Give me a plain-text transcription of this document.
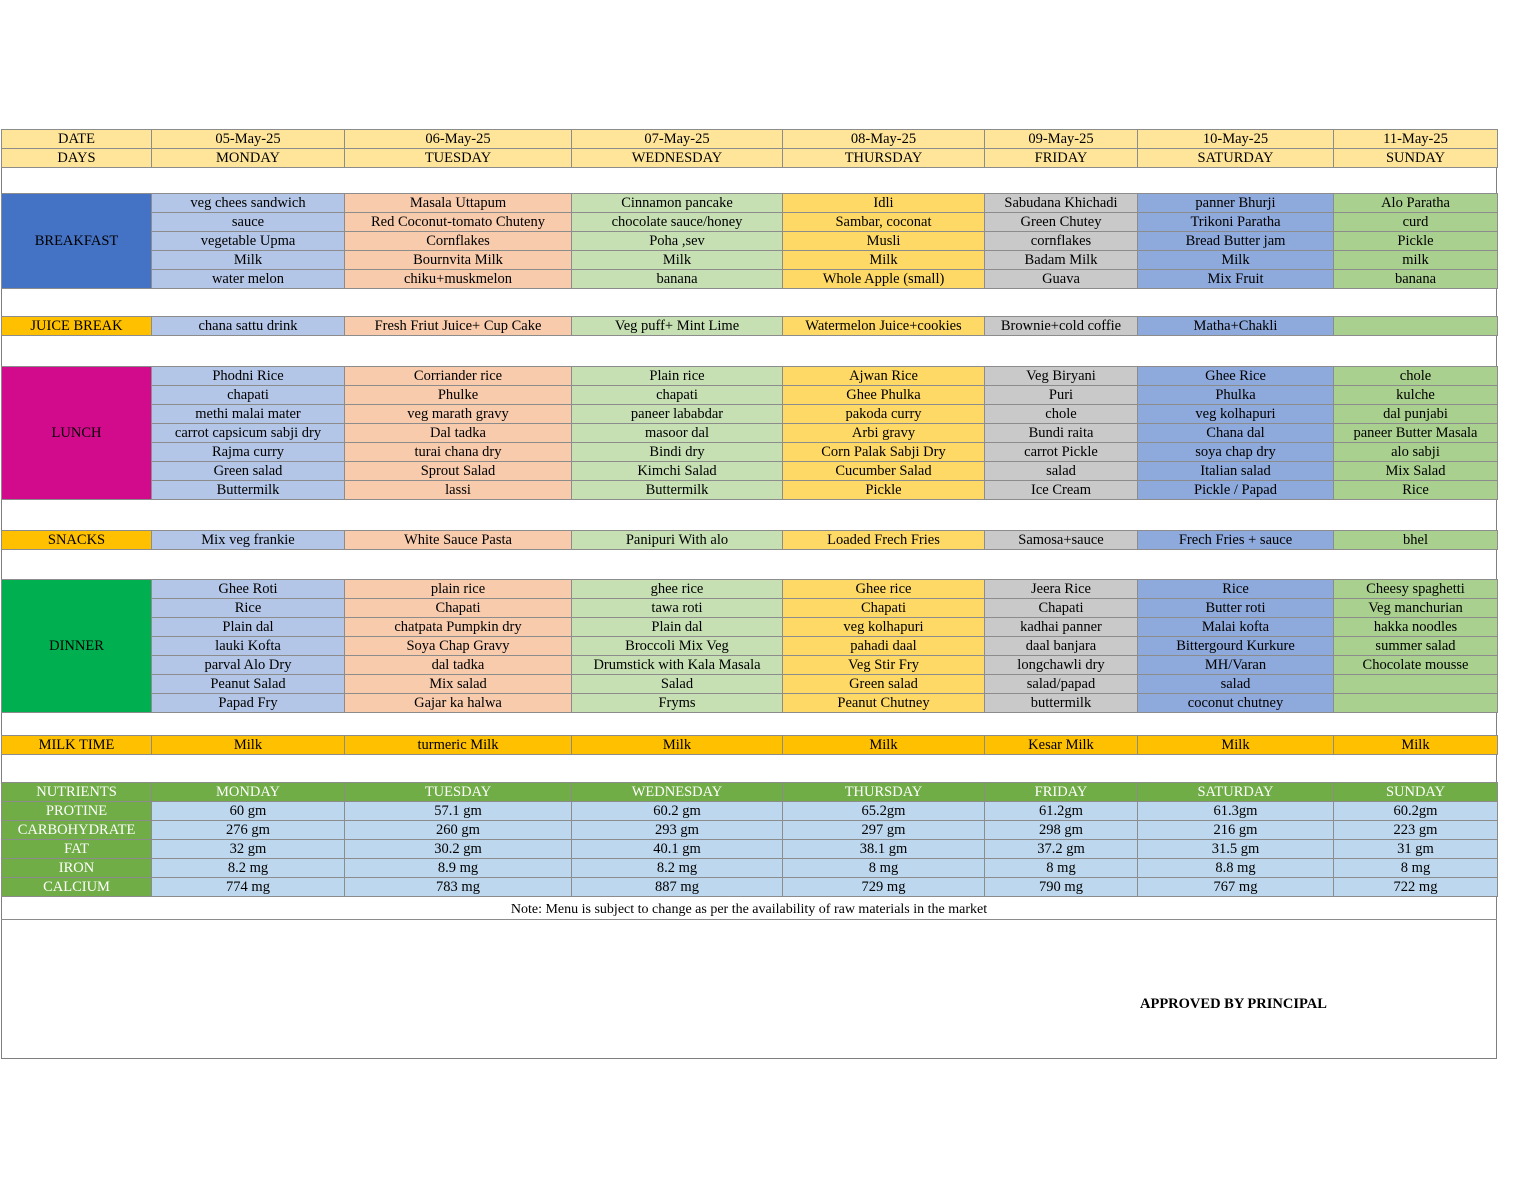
DATE	05-May-25	06-May-25	07-May-25	08-May-25	09-May-25	10-May-25	11-May-25
DAYS	MONDAY	TUESDAY	WEDNESDAY	THURSDAY	FRIDAY	SATURDAY	SUNDAY

BREAKFAST	veg chees sandwich	Masala Uttapum	Cinnamon pancake	Idli	Sabudana Khichadi	panner Bhurji	Alo Paratha
	sauce	Red Coconut-tomato Chuteny	chocolate sauce/honey	Sambar, coconat	Green Chutey	Trikoni Paratha	curd
	vegetable Upma	Cornflakes	Poha ,sev	Musli	cornflakes	Bread Butter jam	Pickle
	Milk	Bournvita Milk	Milk	Milk	Badam Milk	Milk	milk
	water melon	chiku+muskmelon	banana	Whole Apple (small)	Guava	Mix Fruit	banana

JUICE BREAK	chana sattu drink	Fresh Friut Juice+ Cup Cake	Veg puff+ Mint Lime	Watermelon Juice+cookies	Brownie+cold coffie	Matha+Chakli	

LUNCH	Phodni Rice	Corriander rice	Plain rice	Ajwan Rice	Veg Biryani	Ghee Rice	chole
	chapati	Phulke	chapati	Ghee Phulka	Puri	Phulka	kulche
	methi malai mater	veg marath gravy	paneer lababdar	pakoda curry	chole	veg kolhapuri	dal punjabi
	carrot capsicum sabji dry	Dal tadka	masoor dal	Arbi gravy	Bundi raita	Chana dal	paneer Butter Masala
	Rajma curry	turai chana dry	Bindi dry	Corn Palak Sabji Dry	carrot Pickle	soya chap dry	alo sabji
	Green salad	Sprout Salad	Kimchi Salad	Cucumber Salad	salad	Italian salad	Mix Salad
	Buttermilk	lassi	Buttermilk	Pickle	Ice Cream	Pickle / Papad	Rice

SNACKS	Mix veg frankie	White Sauce Pasta	Panipuri With alo	Loaded Frech Fries	Samosa+sauce	Frech Fries + sauce	bhel

DINNER	Ghee Roti	plain rice	ghee rice	Ghee rice	Jeera Rice	Rice	Cheesy spaghetti
	Rice	Chapati	tawa roti	Chapati	Chapati	Butter roti	Veg manchurian
	Plain dal	chatpata Pumpkin dry	Plain dal	veg kolhapuri	kadhai panner	Malai kofta	hakka noodles
	lauki Kofta	Soya Chap Gravy	Broccoli Mix Veg	pahadi daal	daal banjara	Bittergourd Kurkure	summer salad
	parval Alo Dry	dal tadka	Drumstick with Kala Masala	Veg Stir Fry	longchawli dry	MH/Varan	Chocolate mousse
	Peanut Salad	Mix salad	Salad	Green salad	salad/papad	salad	
	Papad Fry	Gajar ka halwa	Fryms	Peanut Chutney	buttermilk	coconut chutney	

MILK TIME	Milk	turmeric Milk	Milk	Milk	Kesar Milk	Milk	Milk

NUTRIENTS	MONDAY	TUESDAY	WEDNESDAY	THURSDAY	FRIDAY	SATURDAY	SUNDAY
PROTINE	60 gm	57.1 gm	60.2 gm	65.2gm	61.2gm	61.3gm	60.2gm
CARBOHYDRATE	276 gm	260 gm	293 gm	297 gm	298 gm	216 gm	223 gm
FAT	32 gm	30.2 gm	40.1 gm	38.1 gm	37.2 gm	31.5 gm	31 gm
IRON	8.2 mg	8.9 mg	8.2 mg	8 mg	8 mg	8.8 mg	8 mg
CALCIUM	774 mg	783 mg	887 mg	729 mg	790 mg	767 mg	722 mg
Note: Menu is subject to change as per the availability of raw materials in the market
APPROVED BY PRINCIPAL
